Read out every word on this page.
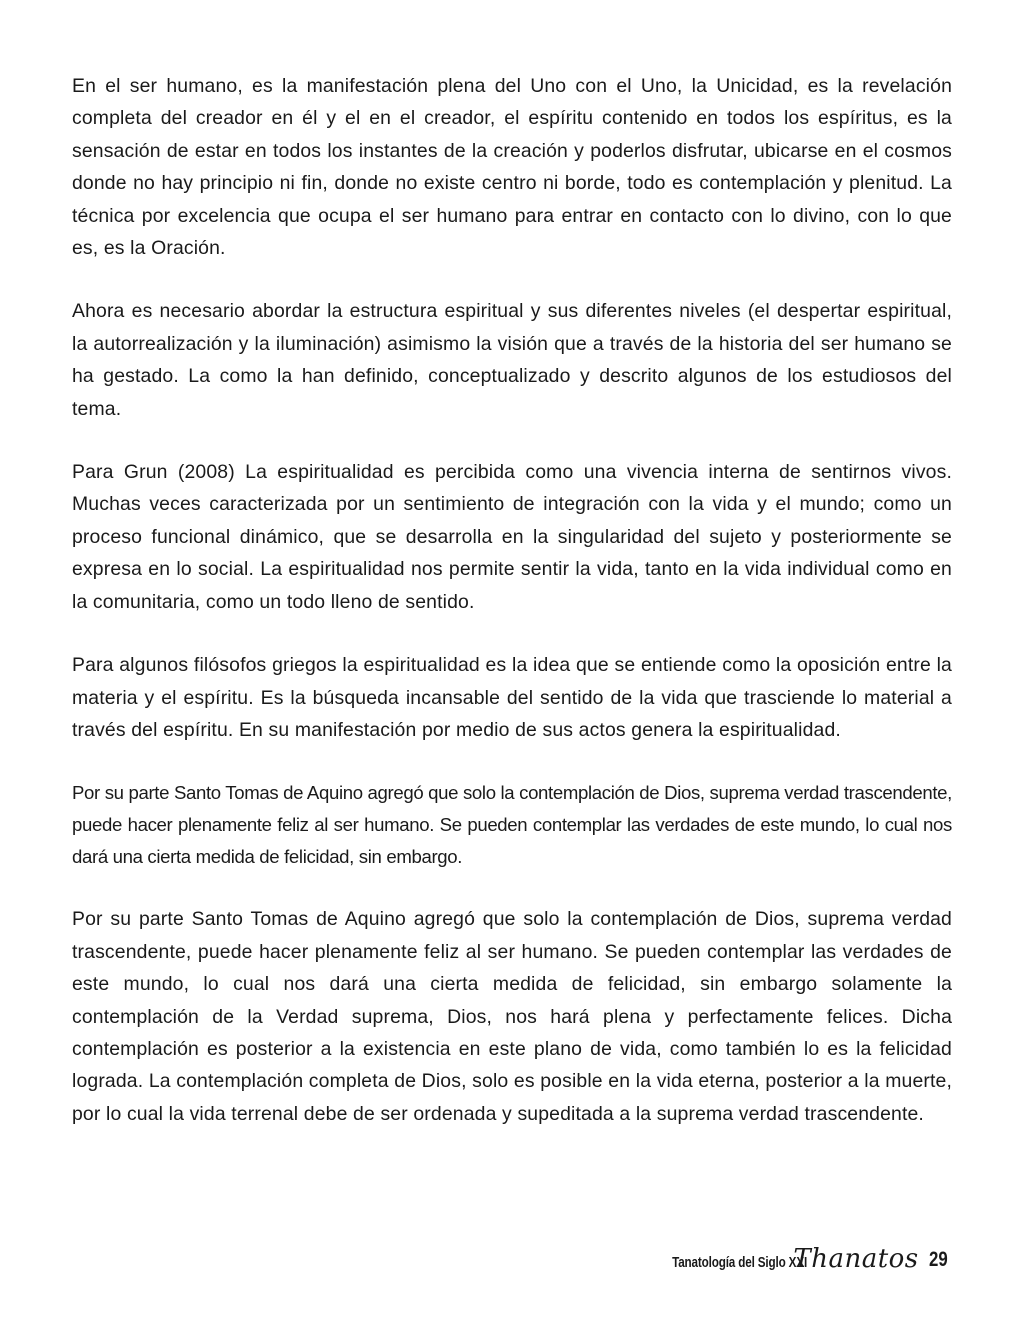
En el ser humano, es la manifestación plena del Uno con el Uno, la Unicidad, es la revelación completa del creador en él y el en el creador, el espíritu contenido en todos los espíritus, es la sensación de estar en todos los instantes de la creación y poderlos disfrutar, ubicarse en el cosmos donde no hay principio ni fin, donde no existe centro ni borde, todo es contemplación y plenitud. La técnica por excelencia que ocupa el ser humano para entrar en contacto con lo divino, con lo que es, es la Oración.

Ahora es necesario abordar la estructura espiritual y sus diferentes niveles (el despertar espiritual, la autorrealización y la iluminación) asimismo la visión que a través de la historia del ser humano se ha gestado. La como la han definido, conceptualizado y descrito algunos de los estudiosos del tema.

Para Grun (2008) La espiritualidad es percibida como una vivencia interna de sentirnos vivos. Muchas veces caracterizada por un sentimiento de integración con la vida y el mundo; como un proceso funcional dinámico, que se desarrolla en la singularidad del sujeto y posteriormente se expresa en lo social. La espiritualidad nos permite sentir la vida, tanto en la vida individual como en la comunitaria, como un todo lleno de sentido.

Para algunos filósofos griegos la espiritualidad es la idea que se entiende como la oposición entre la materia y el espíritu. Es la búsqueda incansable del sentido de la vida que trasciende lo material a través del espíritu. En su manifestación por medio de sus actos genera la espiritualidad.

Por su parte Santo Tomas de Aquino agregó que solo la contemplación de Dios, suprema verdad trascendente, puede hacer plenamente feliz al ser humano. Se pueden contemplar las verdades de este mundo, lo cual nos dará una cierta medida de felicidad, sin embargo.

Por su parte Santo Tomas de Aquino agregó que solo la contemplación de Dios, suprema verdad trascendente, puede hacer plenamente feliz al ser humano. Se pueden contemplar las verdades de este mundo, lo cual nos dará una cierta medida de felicidad, sin embargo solamente la contemplación de la Verdad suprema, Dios, nos hará plena y perfectamente felices. Dicha contemplación es posterior a la existencia en este plano de vida, como también lo es la felicidad lograda. La contemplación completa de Dios, solo es posible en la vida eterna, posterior a la muerte, por lo cual la vida terrenal debe de ser ordenada y supeditada a la suprema verdad trascendente.

Tanatología del Siglo XXI
Thanatos 29
